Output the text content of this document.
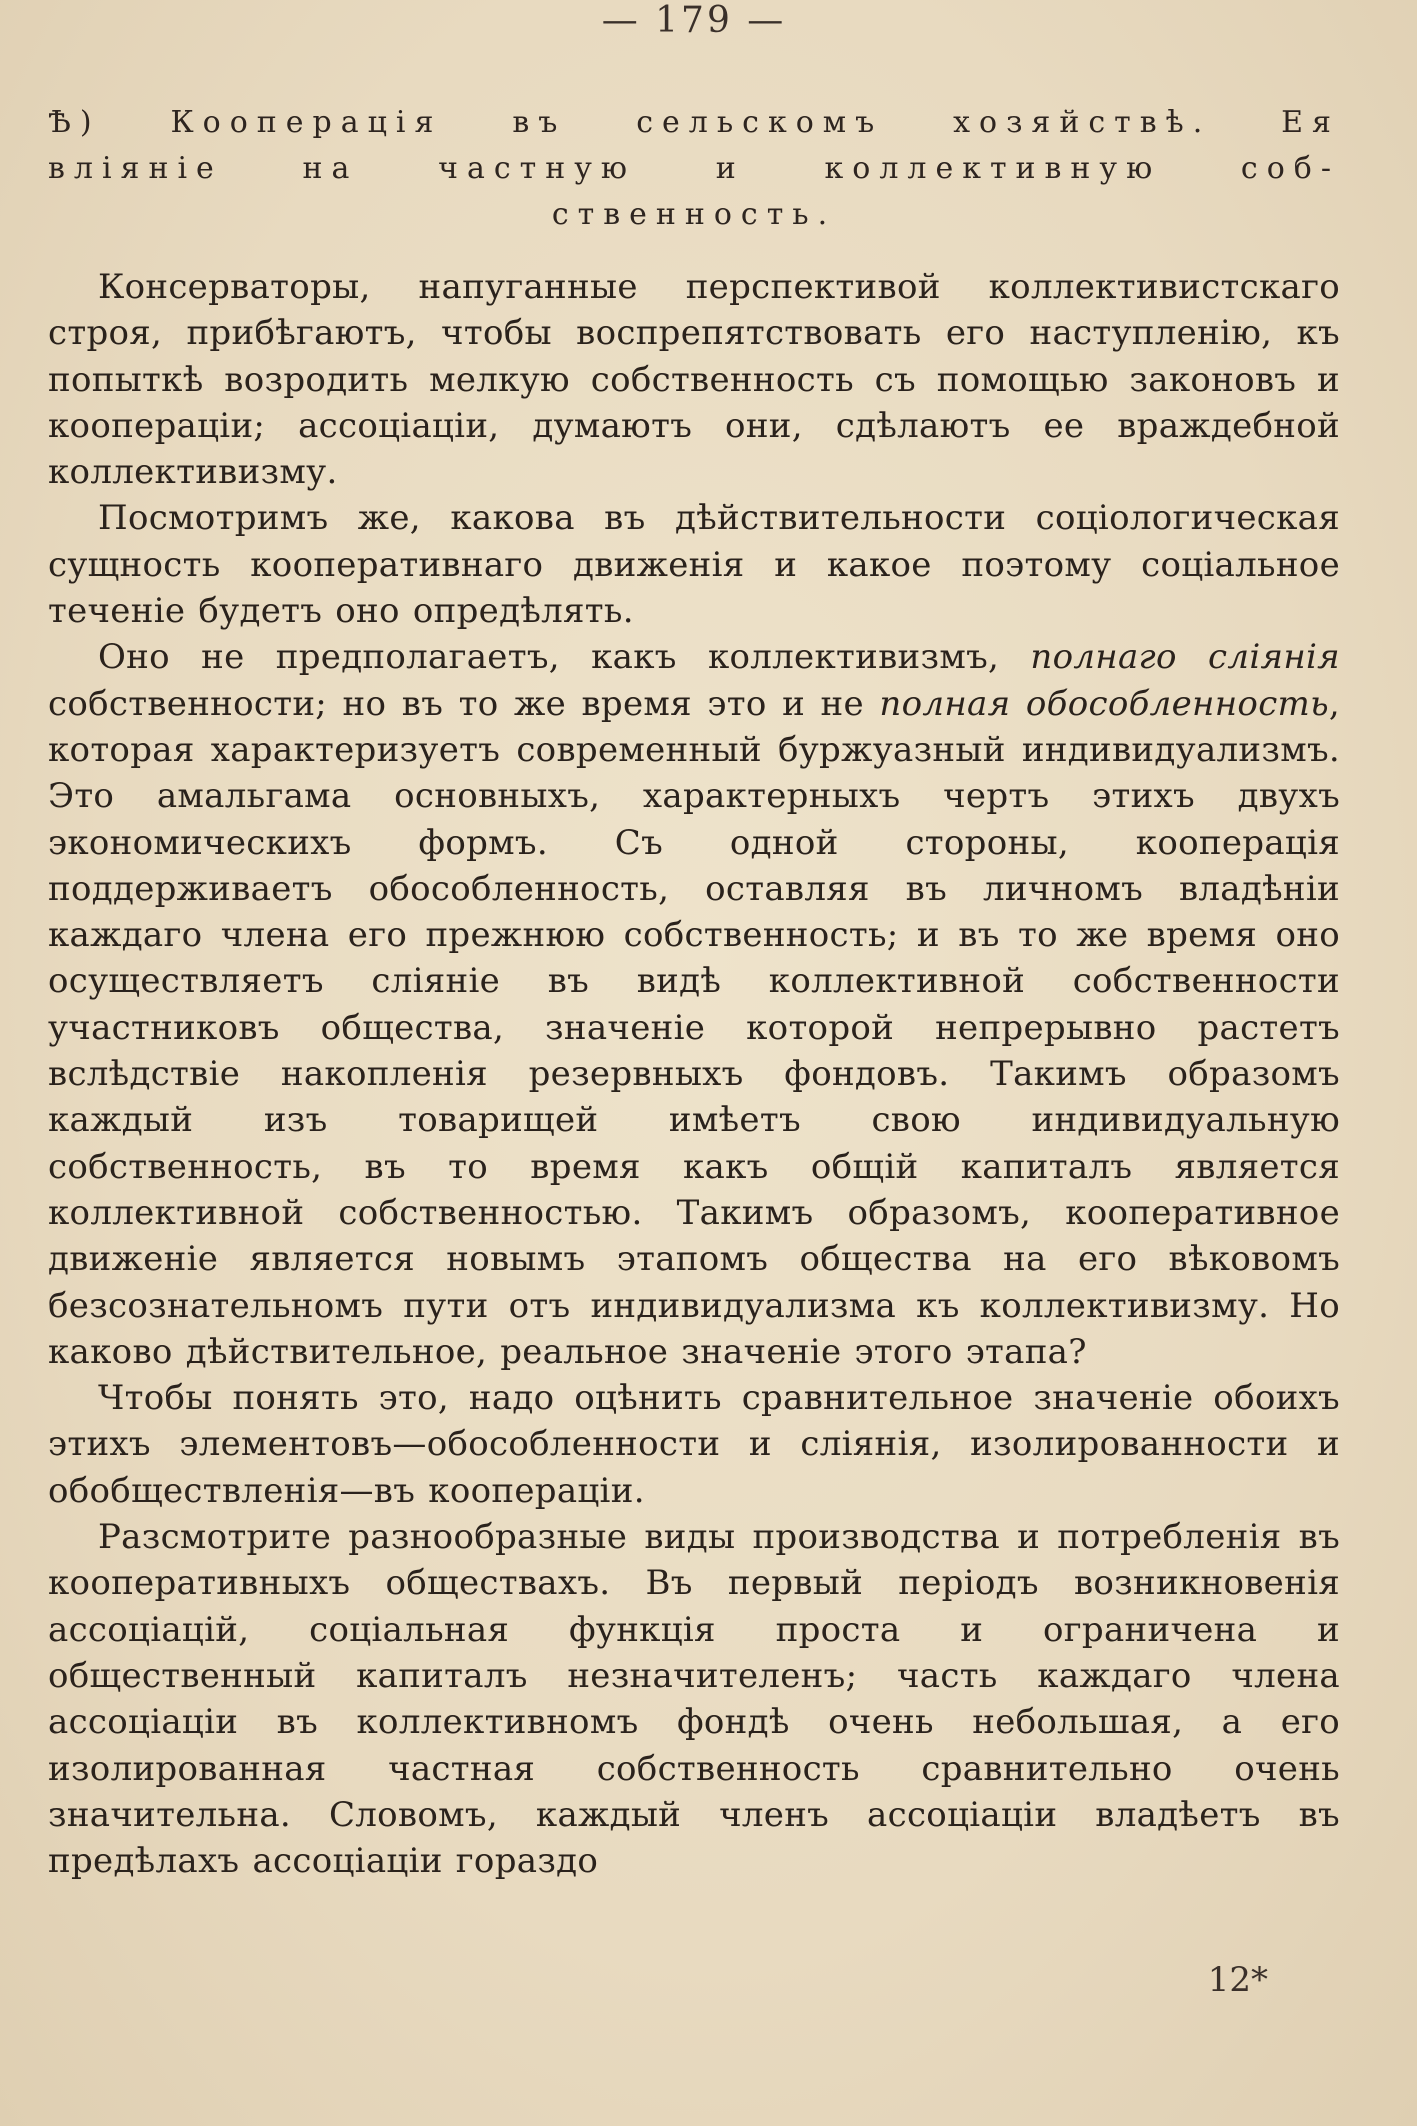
— 179 —
Ѣ) Коопeрація въ сельскомъ хозяйствѣ. Ея
вліяніе на частную и коллективную соб-
ственность.

Консерваторы, напуганные перспективой коллективистскаго строя, прибѣгаютъ, чтобы воспрепятствовать его наступленію, къ попыткѣ возродить мелкую собственность съ помощью законовъ и коопераціи; ассоціаціи, думаютъ они, сдѣлаютъ ее враждебной коллективизму.

Посмотримъ же, какова въ дѣйствительности соціологическая сущность кооперативнаго движенія и какое поэтому соціальное теченіе будетъ оно опредѣлять.

Оно не предполагаетъ, какъ коллективизмъ, полнаго слiянія собственности; но въ то же время это и не полная обособленность, которая характеризуетъ современный буржуазный индивидуализмъ. Это амальгама основныхъ, характерныхъ чертъ этихъ двухъ экономическихъ формъ. Съ одной стороны, кооперація поддерживаетъ обособленность, оставляя въ личномъ владѣніи каждаго члена его прежнюю собственность; и въ то же время оно осуществляетъ сліяніе въ видѣ коллективной собственности участниковъ общества, значеніе которой непрерывно растетъ вслѣдствіе накопленія резервныхъ фондовъ. Такимъ образомъ каждый изъ товарищей имѣетъ свою индивидуальную собственность, въ то время какъ общій капиталъ является коллективной собственностью. Такимъ образомъ, кооперативное движеніе является новымъ этапомъ общества на его вѣковомъ безсознательномъ пути отъ индивидуализма къ коллективизму. Но каково дѣйствительное, реальное значеніе этого этапа?

Чтобы понять это, надо оцѣнить сравнительное значеніе обоихъ этихъ элементовъ—обособленности и сліянія, изолированности и обобществленія—въ коопераціи.

Разсмотрите разнообразные виды производства и потребленія въ кооперативныхъ обществахъ. Въ первый періодъ возникновенія ассоціацій, соціальная функція проста и ограничена и общественный капиталъ незначителенъ; часть каждаго члена ассоціаціи въ коллективномъ фондѣ очень небольшая, а его изолированная частная собственность сравнительно очень значительна. Словомъ, каждый членъ ассоціаціи владѣетъ въ предѣлахъ ассоціаціи гораздо

12*
